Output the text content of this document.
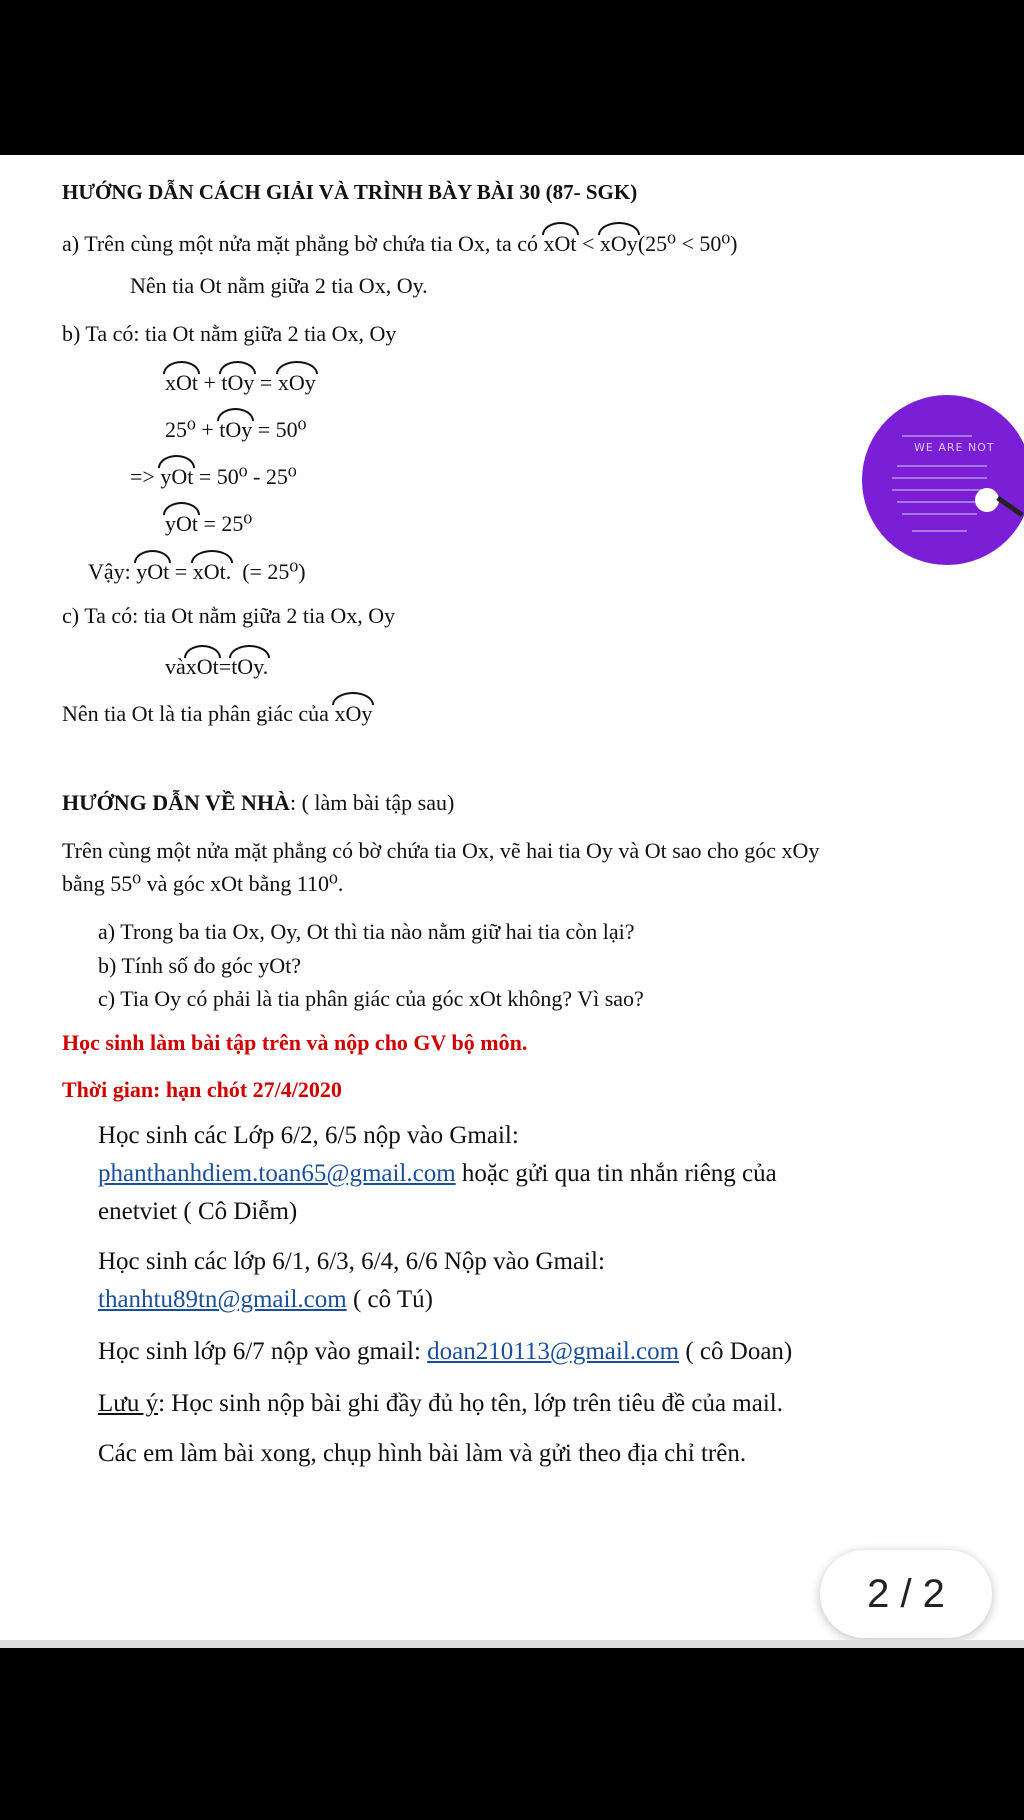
HƯỚNG DẪN CÁCH GIẢI VÀ TRÌNH BÀY BÀI 30 (87- SGK)
a) Trên cùng một nửa mặt phẳng bờ chứa tia Ox, ta có xOt < xOy(25⁰ < 50⁰)
Nên tia Ot nằm giữa 2 tia Ox, Oy.
b) Ta có: tia Ot nằm giữa 2 tia Ox, Oy
xOt + tOy = xOy
25⁰ + tOy = 50⁰
=> yOt = 50⁰ - 25⁰
yOt = 25⁰
Vậy: yOt = xOt. (= 25⁰)
c) Ta có: tia Ot nằm giữa 2 tia Ox, Oy
vàxOt=tOy.
Nên tia Ot là tia phân giác của xOy
HƯỚNG DẪN VỀ NHÀ: ( làm bài tập sau)
Trên cùng một nửa mặt phẳng có bờ chứa tia Ox, vẽ hai tia Oy và Ot sao cho góc xOy
bằng 55⁰ và góc xOt bằng 110⁰.
a) Trong ba tia Ox, Oy, Ot thì tia nào nằm giữ hai tia còn lại?
b) Tính số đo góc yOt?
c) Tia Oy có phải là tia phân giác của góc xOt không? Vì sao?
Học sinh làm bài tập trên và nộp cho GV bộ môn.
Thời gian: hạn chót 27/4/2020
Học sinh các Lớp 6/2, 6/5 nộp vào Gmail:
phanthanhdiem.toan65@gmail.com hoặc gửi qua tin nhắn riêng của
enetviet ( Cô Diễm)
Học sinh các lớp 6/1, 6/3, 6/4, 6/6 Nộp vào Gmail:
thanhtu89tn@gmail.com ( cô Tú)
Học sinh lớp 6/7 nộp vào gmail: doan210113@gmail.com ( cô Doan)
Lưu ý: Học sinh nộp bài ghi đầy đủ họ tên, lớp trên tiêu đề của mail.
Các em làm bài xong, chụp hình bài làm và gửi theo địa chỉ trên.
WE ARE NOT
2 / 2
